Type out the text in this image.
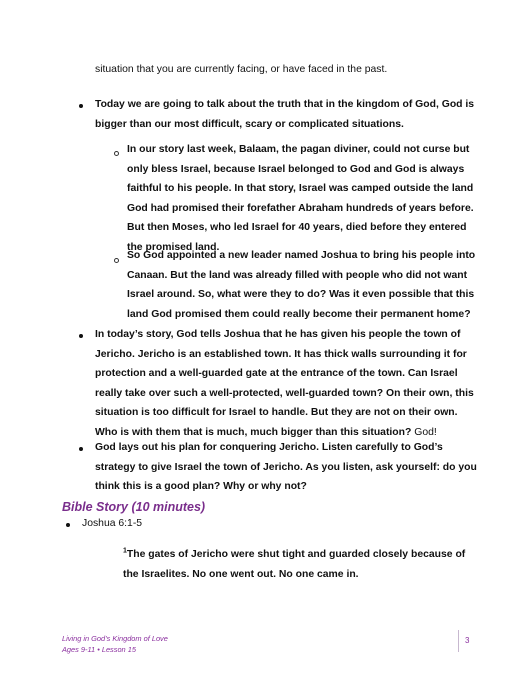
situation that you are currently facing, or have faced in the past.

Today we are going to talk about the truth that in the kingdom of God, God is bigger than our most difficult, scary or complicated situations.

In our story last week, Balaam, the pagan diviner, could not curse but only bless Israel, because Israel belonged to God and God is always faithful to his people. In that story, Israel was camped outside the land God had promised their forefather Abraham hundreds of years before. But then Moses, who led Israel for 40 years, died before they entered the promised land.

So God appointed a new leader named Joshua to bring his people into Canaan. But the land was already filled with people who did not want Israel around. So, what were they to do? Was it even possible that this land God promised them could really become their permanent home?

In today’s story, God tells Joshua that he has given his people the town of Jericho. Jericho is an established town. It has thick walls surrounding it for protection and a well-guarded gate at the entrance of the town. Can Israel really take over such a well-protected, well-guarded town? On their own, this situation is too difficult for Israel to handle. But they are not on their own. Who is with them that is much, much bigger than this situation? God!

God lays out his plan for conquering Jericho. Listen carefully to God’s strategy to give Israel the town of Jericho. As you listen, ask yourself: do you think this is a good plan? Why or why not?

Bible Story (10 minutes)

Joshua 6:1-5

$^1$The gates of Jericho were shut tight and guarded closely because of the Israelites. No one went out. No one came in.

Living in God’s Kingdom of Love
Ages 9-11 • Lesson 15
3
